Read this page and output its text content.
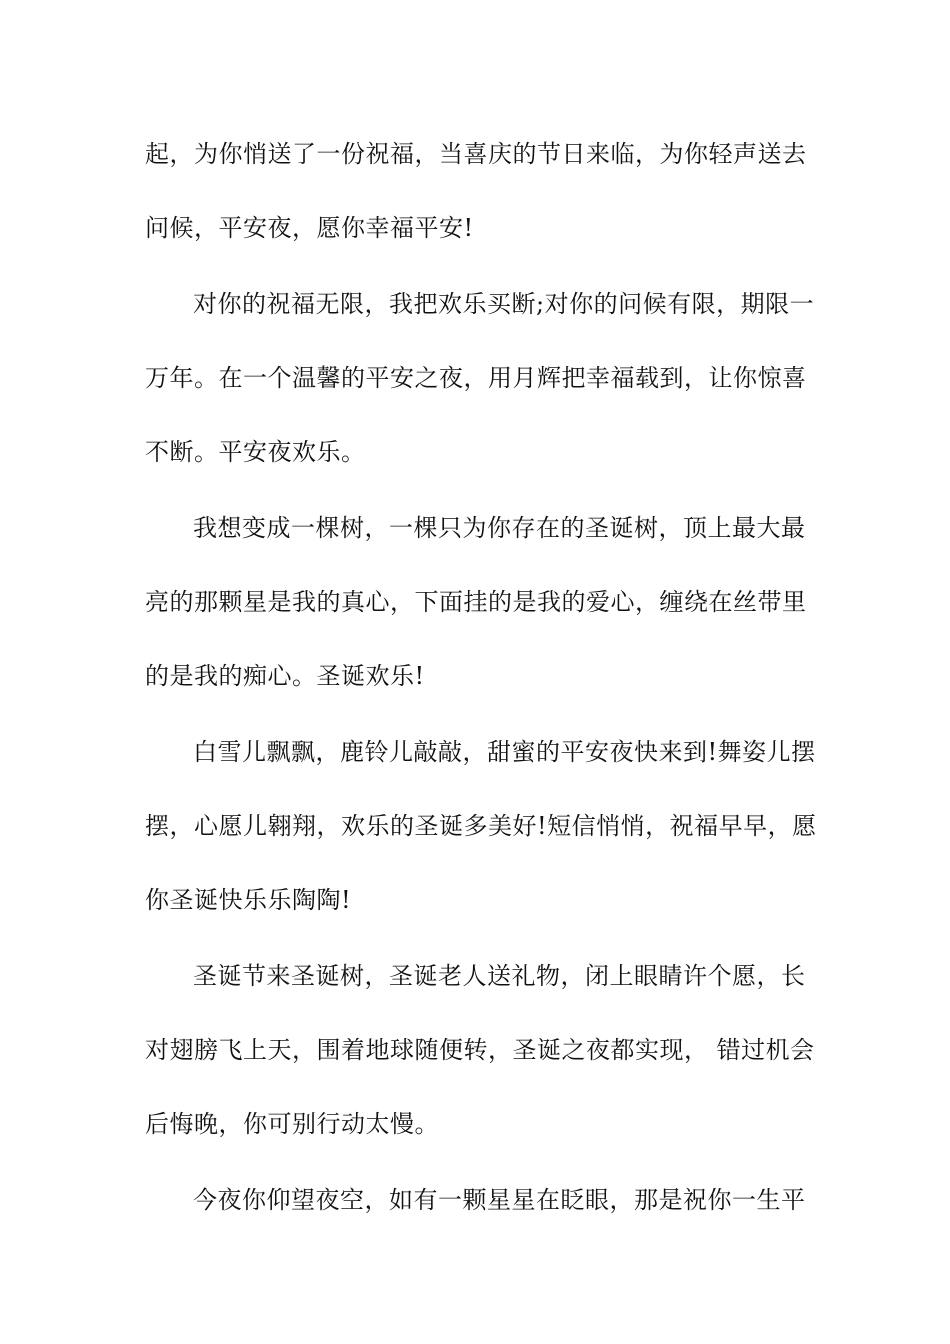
起，为你悄送了一份祝福，当喜庆的节日来临，为你轻声送去
问候，平安夜，愿你幸福平安!
对你的祝福无限，我把欢乐买断;对你的问候有限，期限一
万年。在一个温馨的平安之夜，用月辉把幸福载到，让你惊喜
不断。平安夜欢乐。
我想变成一棵树，一棵只为你存在的圣诞树，顶上最大最
亮的那颗星是我的真心，下面挂的是我的爱心，缠绕在丝带里
的是我的痴心。圣诞欢乐!
白雪儿飘飘，鹿铃儿敲敲，甜蜜的平安夜快来到!舞姿儿摆
摆，心愿儿翱翔，欢乐的圣诞多美好!短信悄悄，祝福早早，愿
你圣诞快乐乐陶陶!
圣诞节来圣诞树，圣诞老人送礼物，闭上眼睛许个愿，长
对翅膀飞上天，围着地球随便转，圣诞之夜都实现， 错过机会
后悔晚，你可别行动太慢。
今夜你仰望夜空，如有一颗星星在眨眼，那是祝你一生平
